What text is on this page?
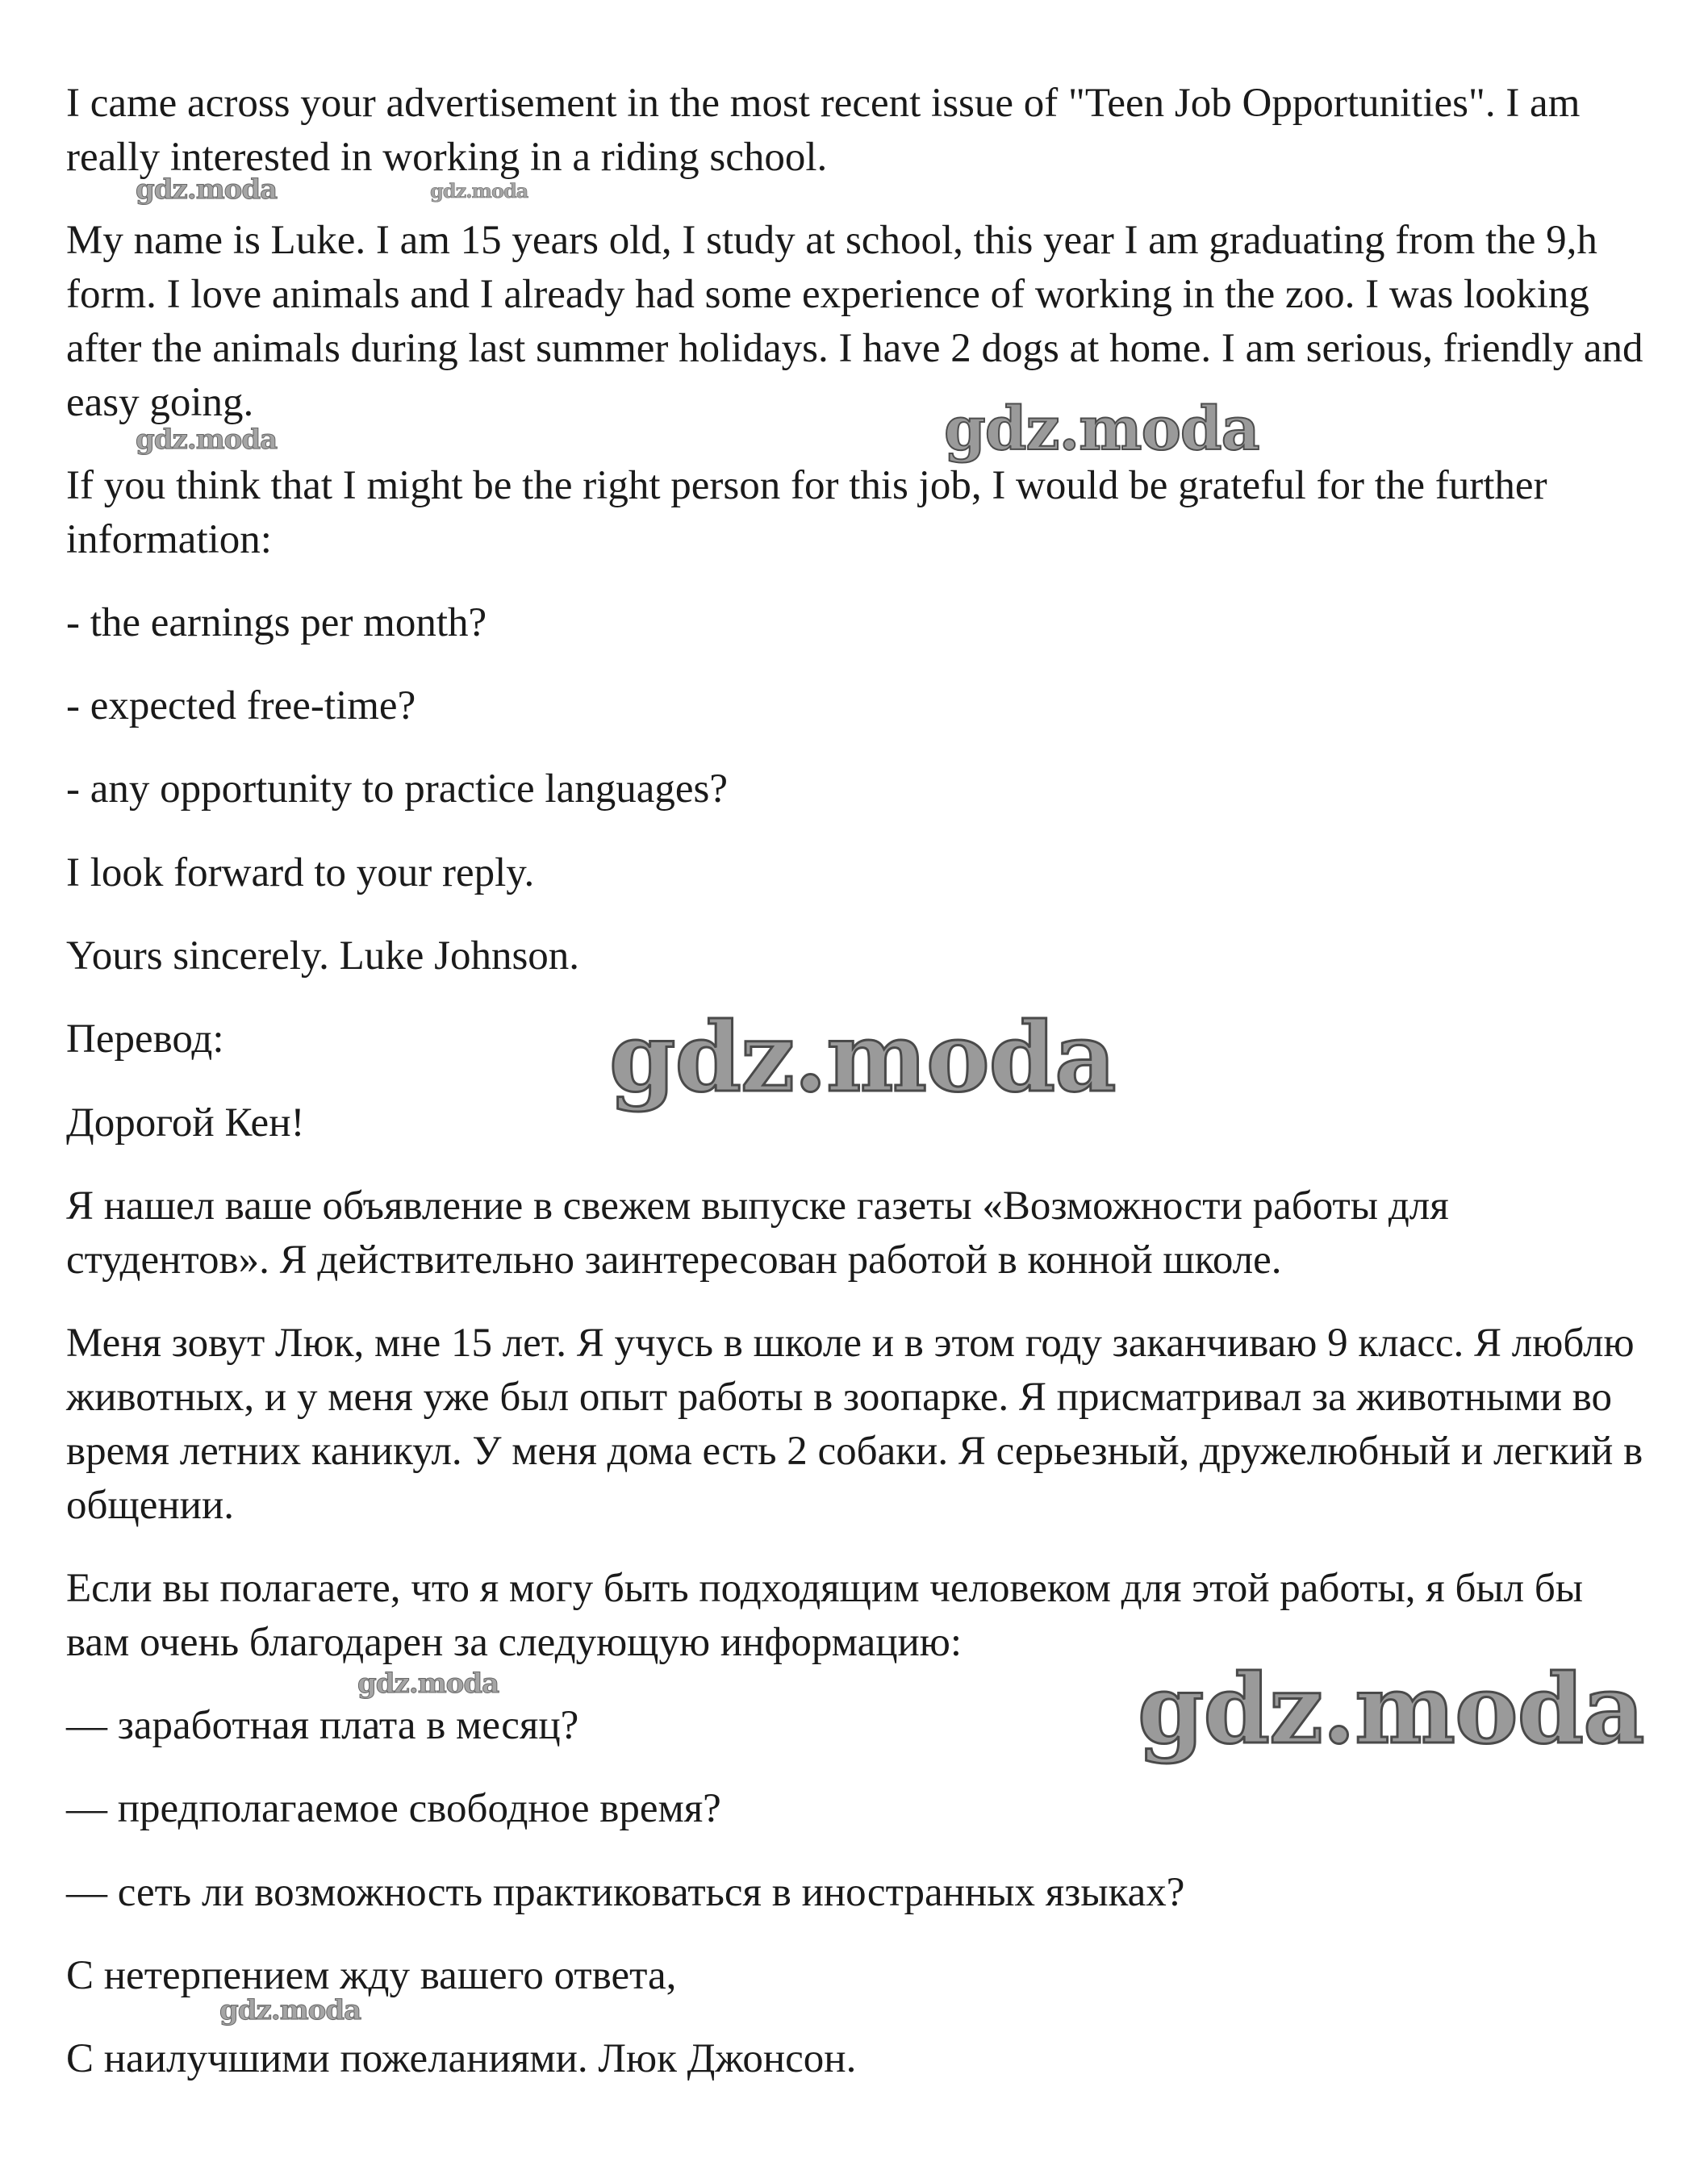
I came across your advertisement in the most recent issue of "Teen Job Opportunities". I am really interested in working in a riding school.

My name is Luke. I am 15 years old, I study at school, this year I am graduating from the 9,h form. I love animals and I already had some experience of working in the zoo. I was looking after the animals during last summer holidays. I have 2 dogs at home. I am serious, friendly and easy going.

If you think that I might be the right person for this job, I would be grateful for the further information:

- the earnings per month?

- expected free-time?

- any opportunity to practice languages?

I look forward to your reply.

Yours sincerely. Luke Johnson.

Перевод:

Дорогой Кен!

Я нашел ваше объявление в свежем выпуске газеты «Возможности работы для студентов». Я действительно заинтересован работой в конной школе.

Меня зовут Люк, мне 15 лет. Я учусь в школе и в этом году заканчиваю 9 класс. Я люблю животных, и у меня уже был опыт работы в зоопарке. Я присматривал за животными во время летних каникул. У меня дома есть 2 собаки. Я серьезный, дружелюбный и легкий в общении.

Если вы полагаете, что я могу быть подходящим человеком для этой работы, я был бы вам очень благодарен за следующую информацию:

— заработная плата в месяц?

— предполагаемое свободное время?

— сеть ли возможность практиковаться в иностранных языках?

С нетерпением жду вашего ответа,

С наилучшими пожеланиями. Люк Джонсон.

gdz.moda	gdz.moda
gdz.moda
gdz.moda
gdz.moda
gdz.moda	gdz.moda
gdz.moda
